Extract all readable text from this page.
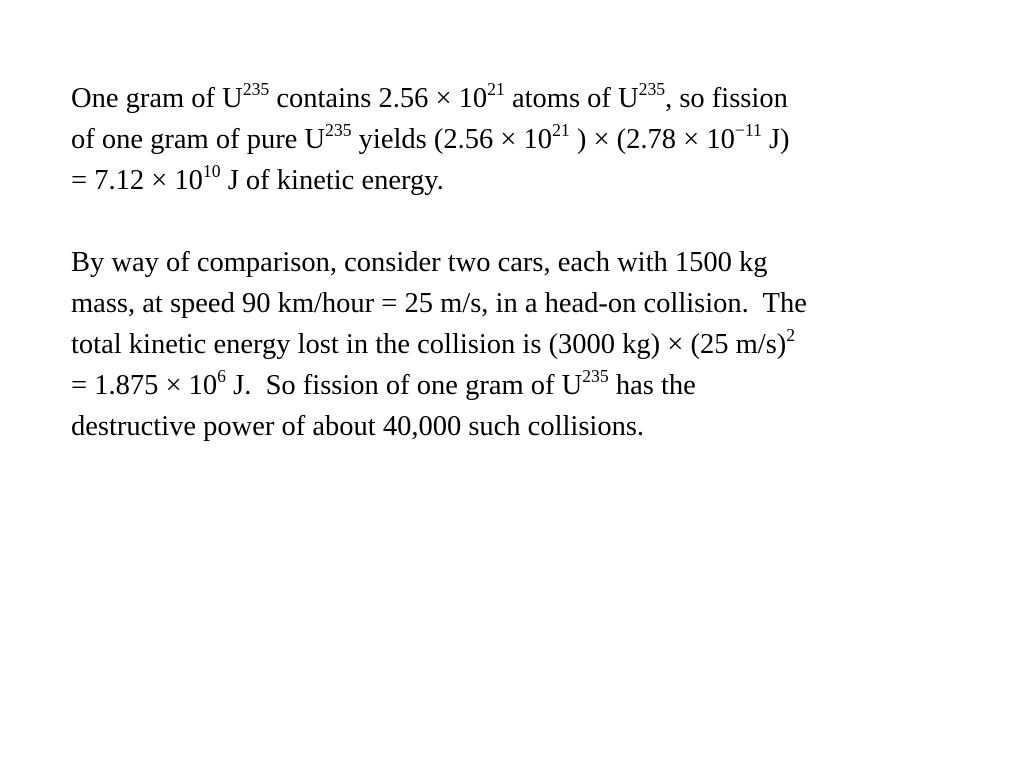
One gram of $U^{235}$ contains $2.56 \times 10^{21}$ atoms of $U^{235}$, so fission
of one gram of pure $U^{235}$ yields ($2.56 \times 10^{21}$ ) × ($2.78 \times 10^{-11}$ J)
= $7.12 \times 10^{10}$ J of kinetic energy.

By way of comparison, consider two cars, each with 1500 kg
mass, at speed 90 km/hour = 25 m/s, in a head-on collision.  The
total kinetic energy lost in the collision is (3000 kg) × (25 m/s)$^2$
= $1.875 \times 10^6$ J.  So fission of one gram of $U^{235}$ has the
destructive power of about 40,000 such collisions.
